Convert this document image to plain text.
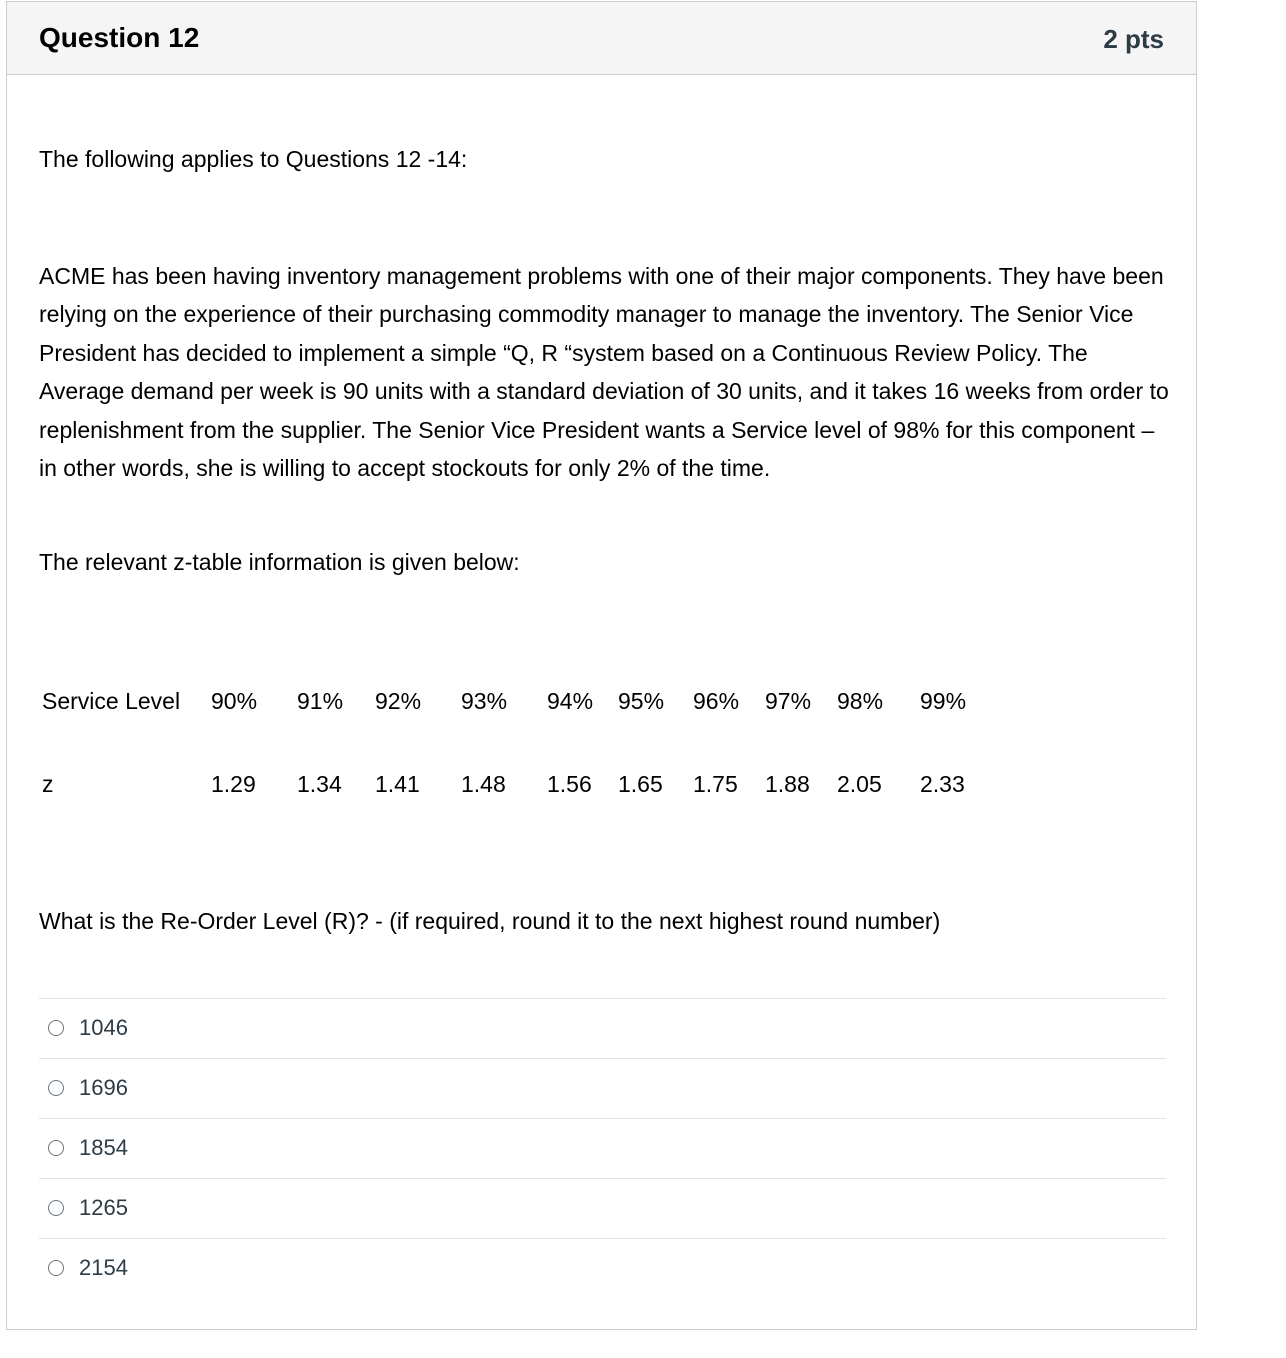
Question 12	2 pts
The following applies to Questions 12 -14:
ACME has been having inventory management problems with one of their major components. They have been relying on the experience of their purchasing commodity manager to manage the inventory. The Senior Vice President has decided to implement a simple “Q, R “system based on a Continuous Review Policy. The Average demand per week is 90 units with a standard deviation of 30 units, and it takes 16 weeks from order to replenishment from the supplier. The Senior Vice President wants a Service level of 98% for this component – in other words, she is willing to accept stockouts for only 2% of the time.
The relevant z-table information is given below:
Service Level 90% 91% 92% 93% 94% 95% 96% 97% 98% 99%
z	1.29 1.34 1.41 1.48 1.56 1.65 1.75 1.88 2.05 2.33
What is the Re-Order Level (R)? - (if required, round it to the next highest round number)
1046
1696
1854
1265
2154
